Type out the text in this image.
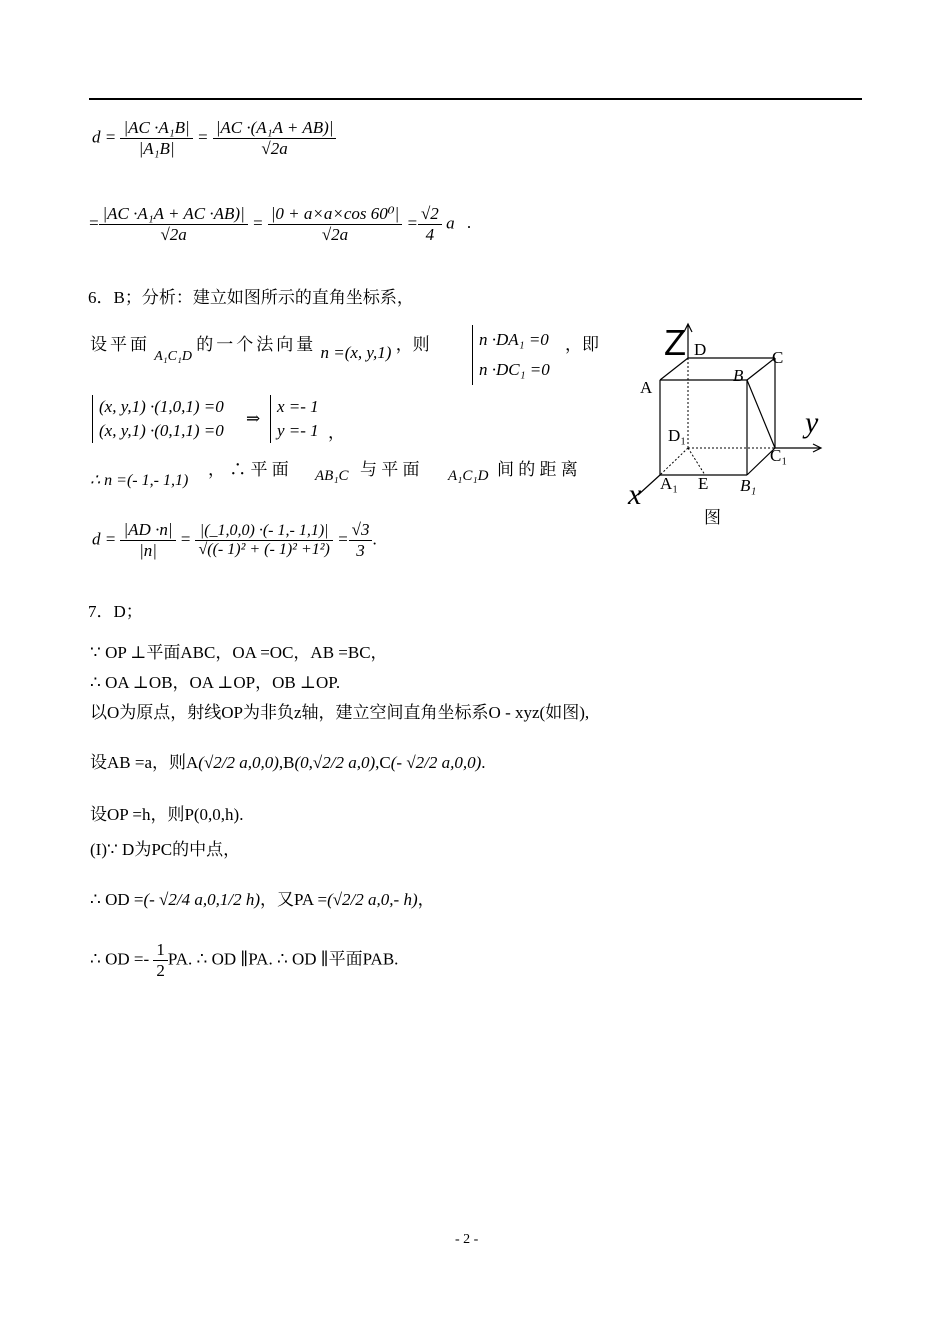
$d = \frac{\text{|AC ·A₁B|}}{\text{|A₁B|}} = \frac{\text{|AC ·(A₁A + AB)|}}{√2a}$
= $\frac{\text{|AC ·A₁A + AC ·AB)|}}{√2a} = \frac{\text{|0 + a×a×cos 60⁰|}}{√2a} = \frac{√2}{4}$ a .
6．B；分析：建立如图所示的直角坐标系，
设平面 $_{A_1C_1D}$ 的一个法向量 n =(x, y,1) ，则	n ·DA₁ =0
n ·DC₁ =0
，即
(x, y,1) ·(1,0,1) =0
(x, y,1) ·(0,1,1) =0
⇒
x =- 1
y =- 1 ，
∴ n =(- 1,- 1,1)
， ∴ 平 面 AB₁C 与 平 面 A₁C₁D 间 的 距 离
$d = \frac{|AD \cdot n|}{|n|} = \frac{|(\_1,0,0) \cdot(- 1,- 1,1)|}{\text{√((- 1)² + (- 1)² +1²)}} = \frac{√3}{3}$ .
Z D	C
A
B
y
D₁
C₁
A₁ E B₁
x
图
7．D；
∵ OP ⊥平面ABC，OA =OC，AB =BC，
∴ OA ⊥OB，OA ⊥OP，OB ⊥OP.
以O为原点，射线OP为非负z轴，建立空间直角坐标系O - xyz(如图),
设AB =a，则A(√2/2 a,0,0),B(0,√2/2 a,0),C(- √2/2 a,0,0).
设OP =h，则P(0,0,h).
(I)∵ D为PC的中点，
∴ OD =(- √2/4 a,0,1/2 h)，又PA =(√2/2 a,0,- h)，
∴ OD =- $\frac{1}{2}$ PA. ∴ OD ∥PA. ∴ OD ∥平面PAB.
- 2 -
